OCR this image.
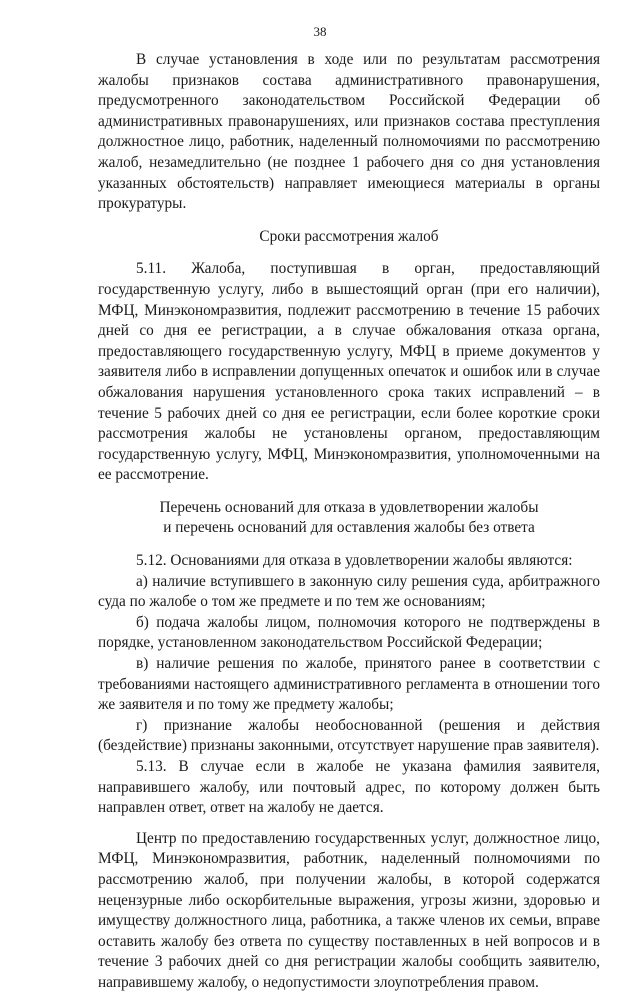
38

В случае установления в ходе или по результатам рассмотрения жалобы признаков состава административного правонарушения, предусмотренного законодательством Российской Федерации об административных правонарушениях, или признаков состава преступления должностное лицо, работник, наделенный полномочиями по рассмотрению жалоб, незамедлительно (не позднее 1 рабочего дня со дня установления указанных обстоятельств) направляет имеющиеся материалы в органы прокуратуры.

Сроки рассмотрения жалоб

5.11. Жалоба, поступившая в орган, предоставляющий государственную услугу, либо в вышестоящий орган (при его наличии), МФЦ, Минэкономразвития, подлежит рассмотрению в течение 15 рабочих дней со дня ее регистрации, а в случае обжалования отказа органа, предоставляющего государственную услугу, МФЦ в приеме документов у заявителя либо в исправлении допущенных опечаток и ошибок или в случае обжалования нарушения установленного срока таких исправлений – в течение 5 рабочих дней со дня ее регистрации, если более короткие сроки рассмотрения жалобы не установлены органом, предоставляющим государственную услугу, МФЦ, Минэкономразвития, уполномоченными на ее рассмотрение.

Перечень оснований для отказа в удовлетворении жалобы
и перечень оснований для оставления жалобы без ответа

5.12. Основаниями для отказа в удовлетворении жалобы являются:

а) наличие вступившего в законную силу решения суда, арбитражного суда по жалобе о том же предмете и по тем же основаниям;

б) подача жалобы лицом, полномочия которого не подтверждены в порядке, установленном законодательством Российской Федерации;

в) наличие решения по жалобе, принятого ранее в соответствии с требованиями настоящего административного регламента в отношении того же заявителя и по тому же предмету жалобы;

г) признание жалобы необоснованной (решения и действия (бездействие) признаны законными, отсутствует нарушение прав заявителя).

5.13. В случае если в жалобе не указана фамилия заявителя, направившего жалобу, или почтовый адрес, по которому должен быть направлен ответ, ответ на жалобу не дается.

Центр по предоставлению государственных услуг, должностное лицо, МФЦ, Минэкономразвития, работник, наделенный полномочиями по рассмотрению жалоб, при получении жалобы, в которой содержатся нецензурные либо оскорбительные выражения, угрозы жизни, здоровью и имуществу должностного лица, работника, а также членов их семьи, вправе оставить жалобу без ответа по существу поставленных в ней вопросов и в течение 3 рабочих дней со дня регистрации жалобы сообщить заявителю, направившему жалобу, о недопустимости злоупотребления правом.
